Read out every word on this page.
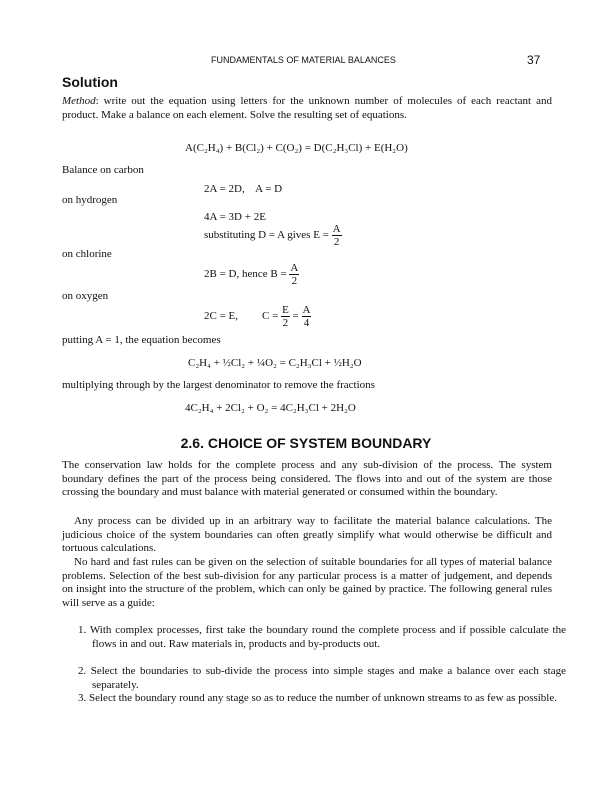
FUNDAMENTALS OF MATERIAL BALANCES	37
Solution
Method: write out the equation using letters for the unknown number of molecules of each reactant and product. Make a balance on each element. Solve the resulting set of equations.
A(C₂H₄) + B(Cl₂) + C(O₂) = D(C₂H₃Cl) + E(H₂O)
Balance on carbon
2A = 2D,    A = D
on hydrogen
4A = 3D + 2E
substituting D = A gives $E = \frac{A}{2}$
on chlorine
2B = D, hence $B = \frac{A}{2}$
on oxygen
2C = E, $C = \frac{E}{2} = \frac{A}{4}$
putting A = 1, the equation becomes
C₂H₄ + ½Cl₂ + ¼O₂ = C₂H₃Cl + ½H₂O
multiplying through by the largest denominator to remove the fractions
4C₂H₄ + 2Cl₂ + O₂ = 4C₂H₃Cl + 2H₂O
2.6. CHOICE OF SYSTEM BOUNDARY
The conservation law holds for the complete process and any sub-division of the process. The system boundary defines the part of the process being considered. The flows into and out of the system are those crossing the boundary and must balance with material generated or consumed within the boundary.
Any process can be divided up in an arbitrary way to facilitate the material balance calculations. The judicious choice of the system boundaries can often greatly simplify what would otherwise be difficult and tortuous calculations.
No hard and fast rules can be given on the selection of suitable boundaries for all types of material balance problems. Selection of the best sub-division for any particular process is a matter of judgement, and depends on insight into the structure of the problem, which can only be gained by practice. The following general rules will serve as a guide:
1. With complex processes, first take the boundary round the complete process and if possible calculate the flows in and out. Raw materials in, products and by-products out.
2. Select the boundaries to sub-divide the process into simple stages and make a balance over each stage separately.
3. Select the boundary round any stage so as to reduce the number of unknown streams to as few as possible.
